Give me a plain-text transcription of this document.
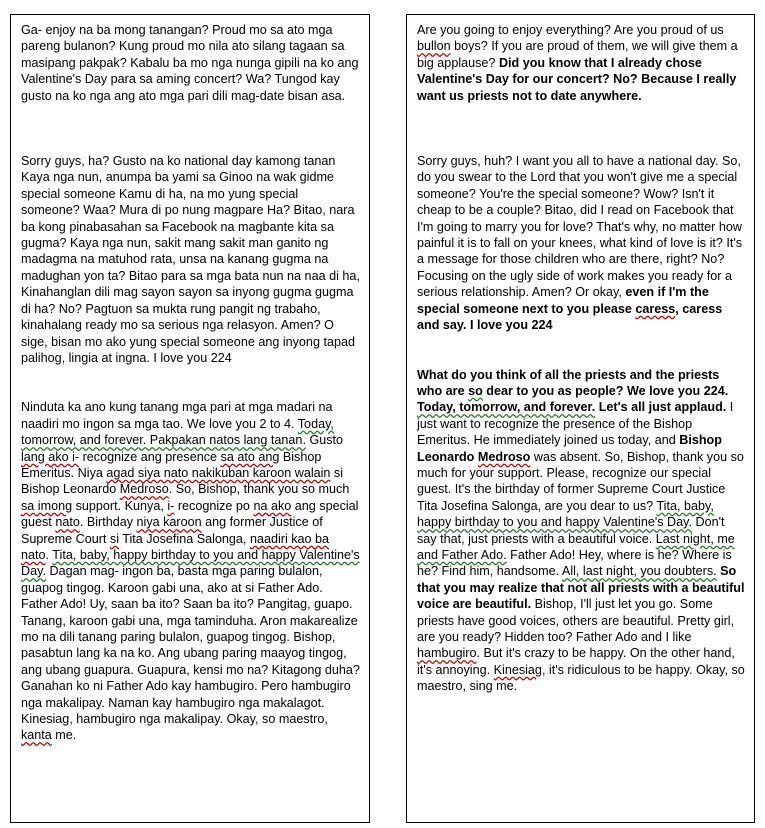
Ga- enjoy na ba mong tanangan? Proud mo sa ato mga pareng bulanon? Kung proud mo nila ato silang tagaan sa masipang pakpak? Kabalu ba mo nga nunga gipili na ko ang Valentine's Day para sa aming concert? Wa? Tungod kay gusto na ko nga ang ato mga pari dili mag-date bisan asa.

Sorry guys, ha? Gusto na ko national day kamong tanan Kaya nga nun, anumpa ba yami sa Ginoo na wak gidme special someone Kamu di ha, na mo yung special someone? Waa? Mura di po nung magpare Ha? Bitao, nara ba kong pinabasahan sa Facebook na magbante kita sa gugma? Kaya nga nun, sakit mang sakit man ganito ng madagma na matuhod rata, unsa na kanang gugma na madughan yon ta? Bitao para sa mga bata nun na naa di ha, Kinahanglan dili mag sayon sayon sa inyong gugma gugma di ha? No? Pagtuon sa mukta rung pangit ng trabaho, kinahalang ready mo sa serious nga relasyon. Amen? O sige, bisan mo ako yung special someone ang inyong tapad palihog, lingia at ingna. I love you 224

Ninduta ka ano kung tanang mga pari at mga madari na naadiri mo ingon sa mga tao. We love you 2 to 4. Today, tomorrow, and forever. Pakpakan natos lang tanan. Gusto lang ako i- recognize ang presence sa ato ang Bishop Emeritus. Niya agad siya nato nakikuban karoon walain si Bishop Leonardo Medroso. So, Bishop, thank you so much sa imong support. Kunya, i- recognize po na ako ang special guest nato. Birthday niya karoon ang former Justice of Supreme Court si Tita Josefina Salonga, naadiri kao ba nato. Tita, baby, happy birthday to you and happy Valentine's Day. Dagan mag- ingon ba, basta mga paring bulalon, guapog tingog. Karoon gabi una, ako at si Father Ado. Father Ado! Uy, saan ba ito? Saan ba ito? Pangitag, guapo. Tanang, karoon gabi una, mga taminduha. Aron makarealize mo na dili tanang paring bulalon, guapog tingog. Bishop, pasabtun lang ka na ko. Ang ubang paring maayog tingog, ang ubang guapura. Guapura, kensi mo na? Kitagong duha? Ganahan ko ni Father Ado kay hambugiro. Pero hambugiro nga makalipay. Naman kay hambugiro nga makalagot. Kinesiag, hambugiro nga makalipay. Okay, so maestro, kanta me.

Are you going to enjoy everything? Are you proud of us bullon boys? If you are proud of them, we will give them a big applause? Did you know that I already chose Valentine's Day for our concert? No? Because I really want us priests not to date anywhere.

Sorry guys, huh? I want you all to have a national day. So, do you swear to the Lord that you won't give me a special someone? You're the special someone? Wow? Isn't it cheap to be a couple? Bitao, did I read on Facebook that I'm going to marry you for love? That's why, no matter how painful it is to fall on your knees, what kind of love is it? It's a message for those children who are there, right? No? Focusing on the ugly side of work makes you ready for a serious relationship. Amen? Or okay, even if I'm the special someone next to you please caress, caress and say. I love you 224

What do you think of all the priests and the priests who are so dear to you as people? We love you 224. Today, tomorrow, and forever. Let's all just applaud. I just want to recognize the presence of the Bishop Emeritus. He immediately joined us today, and Bishop Leonardo Medroso was absent. So, Bishop, thank you so much for your support. Please, recognize our special guest. It's the birthday of former Supreme Court Justice Tita Josefina Salonga, are you dear to us? Tita, baby, happy birthday to you and happy Valentine's Day. Don't say that, just priests with a beautiful voice. Last night, me and Father Ado. Father Ado! Hey, where is he? Where is he? Find him, handsome. All, last night, you doubters. So that you may realize that not all priests with a beautiful voice are beautiful. Bishop, I'll just let you go. Some priests have good voices, others are beautiful. Pretty girl, are you ready? Hidden too? Father Ado and I like hambugiro. But it's crazy to be happy. On the other hand, it's annoying. Kinesiag, it's ridiculous to be happy. Okay, so maestro, sing me.
